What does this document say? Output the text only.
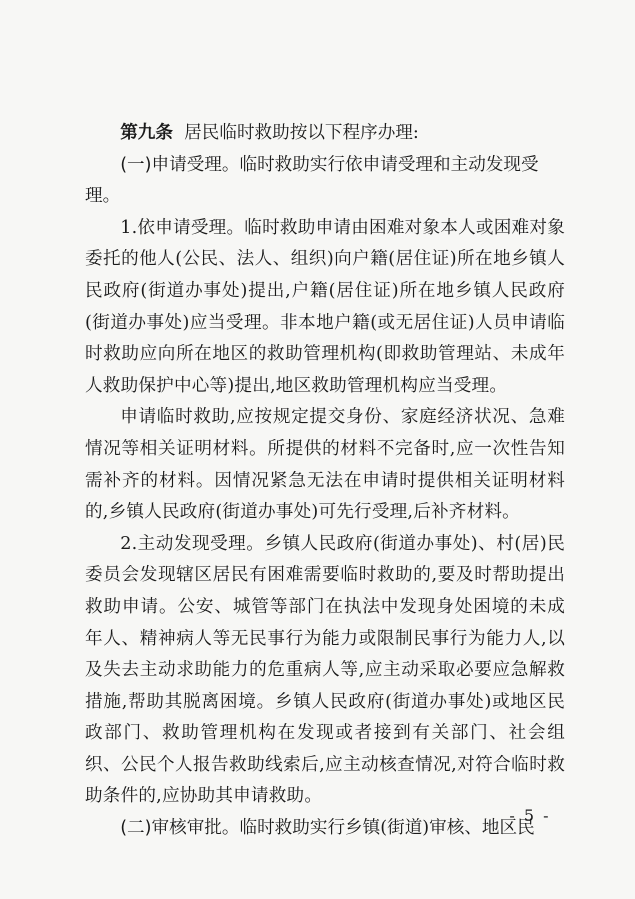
第九条 居民临时救助按以下程序办理:

(一)申请受理。临时救助实行依申请受理和主动发现受理。

1.依申请受理。临时救助申请由困难对象本人或困难对象委托的他人(公民、法人、组织)向户籍(居住证)所在地乡镇人民政府(街道办事处)提出,户籍(居住证)所在地乡镇人民政府(街道办事处)应当受理。非本地户籍(或无居住证)人员申请临时救助应向所在地区的救助管理机构(即救助管理站、未成年人救助保护中心等)提出,地区救助管理机构应当受理。

申请临时救助,应按规定提交身份、家庭经济状况、急难情况等相关证明材料。所提供的材料不完备时,应一次性告知需补齐的材料。因情况紧急无法在申请时提供相关证明材料的,乡镇人民政府(街道办事处)可先行受理,后补齐材料。

2.主动发现受理。乡镇人民政府(街道办事处)、村(居)民委员会发现辖区居民有困难需要临时救助的,要及时帮助提出救助申请。公安、城管等部门在执法中发现身处困境的未成年人、精神病人等无民事行为能力或限制民事行为能力人,以及失去主动求助能力的危重病人等,应主动采取必要应急解救措施,帮助其脱离困境。乡镇人民政府(街道办事处)或地区民政部门、救助管理机构在发现或者接到有关部门、社会组织、公民个人报告救助线索后,应主动核查情况,对符合临时救助条件的,应协助其申请救助。

(二)审核审批。临时救助实行乡镇(街道)审核、地区民

- 5 -
